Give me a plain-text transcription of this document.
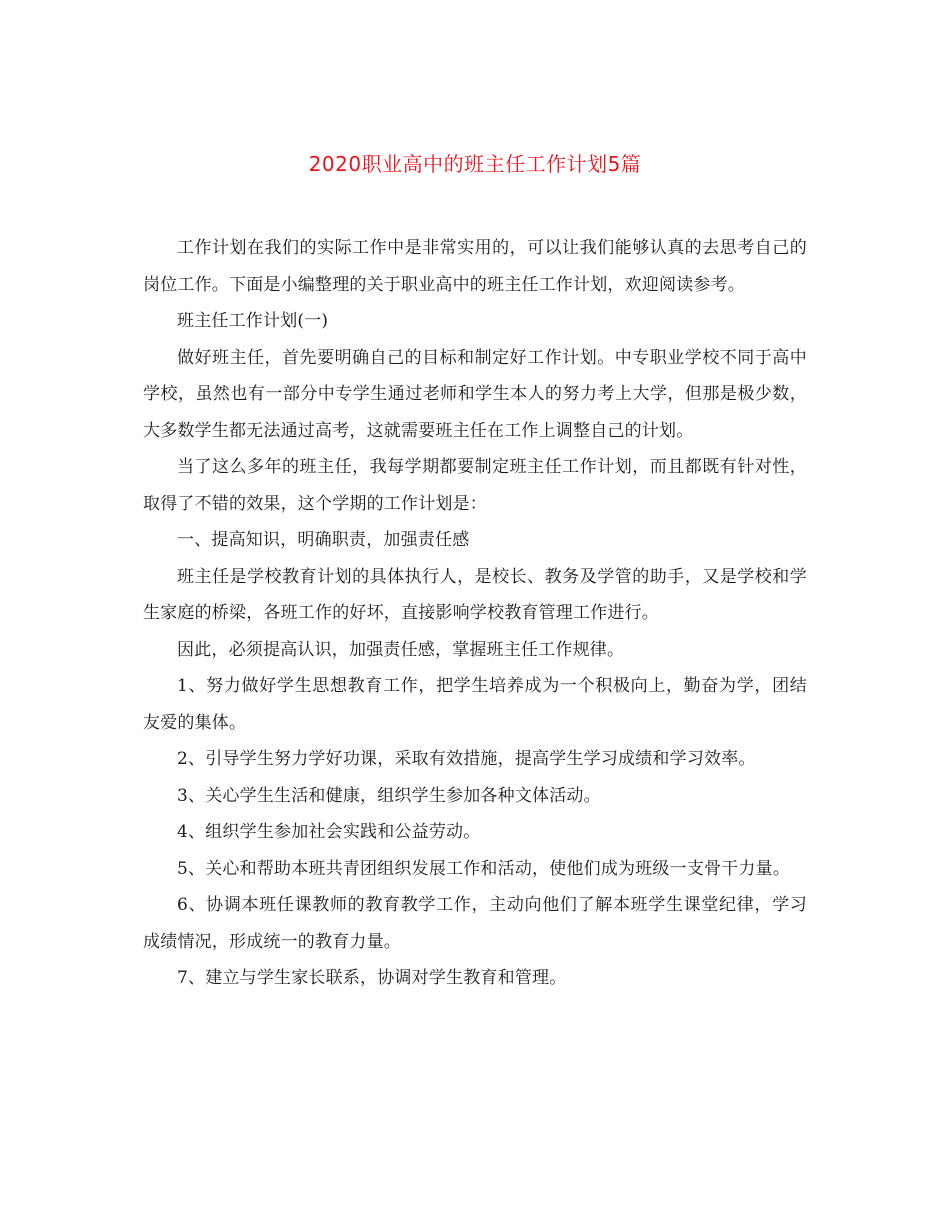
2020职业高中的班主任工作计划5篇

工作计划在我们的实际工作中是非常实用的，可以让我们能够认真的去思考自己的岗位工作。下面是小编整理的关于职业高中的班主任工作计划，欢迎阅读参考。

班主任工作计划(一)

做好班主任，首先要明确自己的目标和制定好工作计划。中专职业学校不同于高中学校，虽然也有一部分中专学生通过老师和学生本人的努力考上大学，但那是极少数，大多数学生都无法通过高考，这就需要班主任在工作上调整自己的计划。

当了这么多年的班主任，我每学期都要制定班主任工作计划，而且都既有针对性，取得了不错的效果，这个学期的工作计划是：

一、提高知识，明确职责，加强责任感

班主任是学校教育计划的具体执行人，是校长、教务及学管的助手，又是学校和学生家庭的桥梁，各班工作的好坏，直接影响学校教育管理工作进行。

因此，必须提高认识，加强责任感，掌握班主任工作规律。

1、努力做好学生思想教育工作，把学生培养成为一个积极向上，勤奋为学，团结友爱的集体。

2、引导学生努力学好功课，采取有效措施，提高学生学习成绩和学习效率。

3、关心学生生活和健康，组织学生参加各种文体活动。

4、组织学生参加社会实践和公益劳动。

5、关心和帮助本班共青团组织发展工作和活动，使他们成为班级一支骨干力量。

6、协调本班任课教师的教育教学工作，主动向他们了解本班学生课堂纪律，学习成绩情况，形成统一的教育力量。

7、建立与学生家长联系，协调对学生教育和管理。
